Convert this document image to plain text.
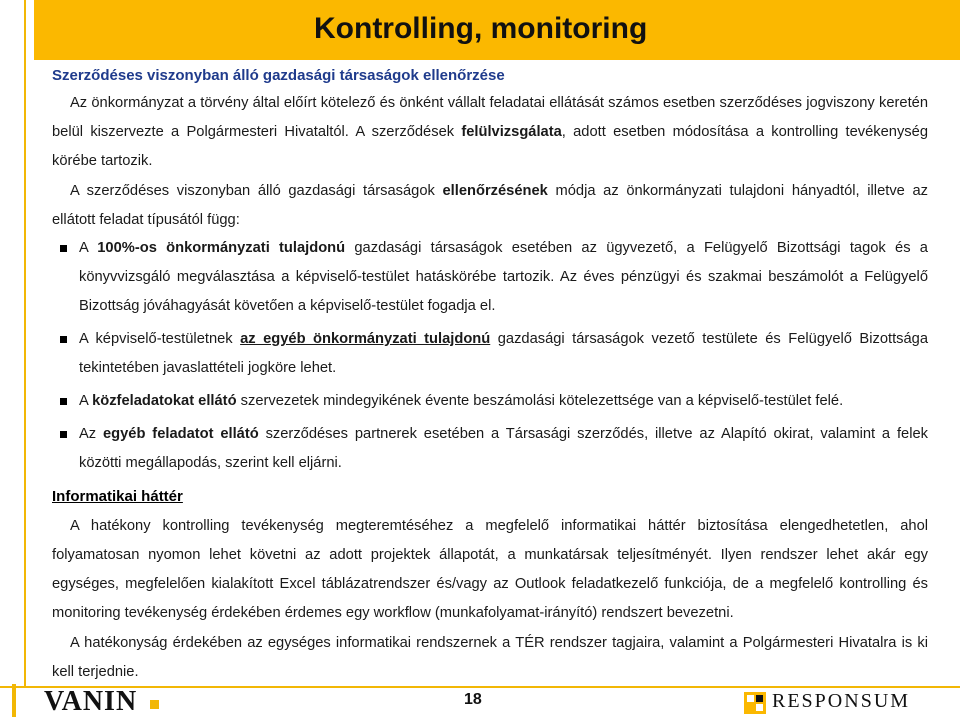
Kontrolling, monitoring
Szerződéses viszonyban álló gazdasági társaságok ellenőrzése
Az önkormányzat a törvény által előírt kötelező és önként vállalt feladatai ellátását számos esetben szerződéses jogviszony keretén belül kiszervezte a Polgármesteri Hivataltól. A szerződések felülvizsgálata, adott esetben módosítása a kontrolling tevékenység körébe tartozik.
A szerződéses viszonyban álló gazdasági társaságok ellenőrzésének módja az önkormányzati tulajdoni hányadtól, illetve az ellátott feladat típusától függ:
A 100%-os önkormányzati tulajdonú gazdasági társaságok esetében az ügyvezető, a Felügyelő Bizottsági tagok és a könyvvizsgáló megválasztása a képviselő-testület hatáskörébe tartozik. Az éves pénzügyi és szakmai beszámolót a Felügyelő Bizottság jóváhagyását követően a képviselő-testület fogadja el.
A képviselő-testületnek az egyéb önkormányzati tulajdonú gazdasági társaságok vezető testülete és Felügyelő Bizottsága tekintetében javaslattételi jogköre lehet.
A közfeladatokat ellátó szervezetek mindegyikének évente beszámolási kötelezettsége van a képviselő-testület felé.
Az egyéb feladatot ellátó szerződéses partnerek esetében a Társasági szerződés, illetve az Alapító okirat, valamint a felek közötti megállapodás, szerint kell eljárni.
Informatikai háttér
A hatékony kontrolling tevékenység megteremtéséhez a megfelelő informatikai háttér biztosítása elengedhetetlen, ahol folyamatosan nyomon lehet követni az adott projektek állapotát, a munkatársak teljesítményét. Ilyen rendszer lehet akár egy egységes, megfelelően kialakított Excel táblázatrendszer és/vagy az Outlook feladatkezelő funkciója, de a megfelelő kontrolling és monitoring tevékenység érdekében érdemes egy workflow (munkafolyamat-irányító) rendszert bevezetni.
A hatékonyság érdekében az egységes informatikai rendszernek a TÉR rendszer tagjaira, valamint a Polgármesteri Hivatalra is ki kell terjednie.
VANIN	18	RESPONSUM
